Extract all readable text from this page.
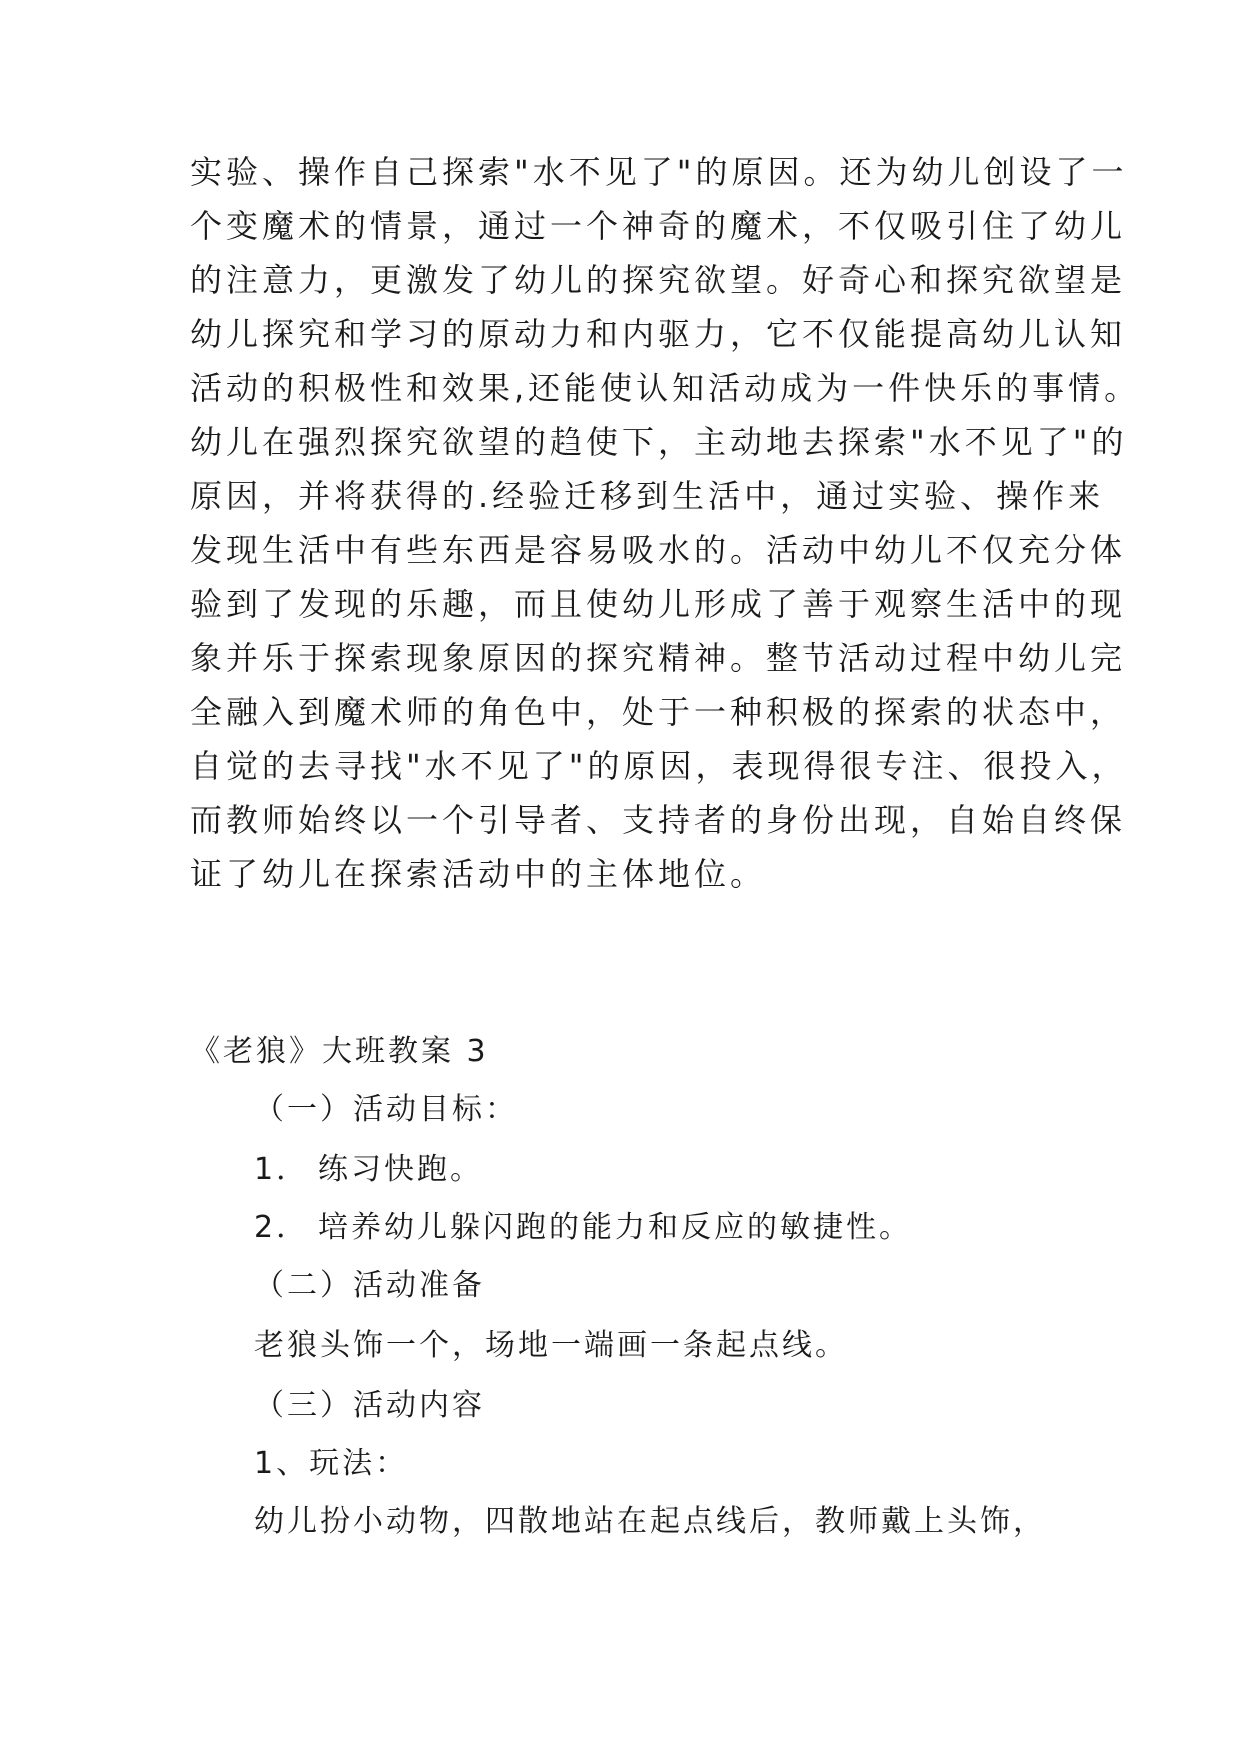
实验、操作自己探索"水不见了"的原因。还为幼儿创设了一
个变魔术的情景，通过一个神奇的魔术，不仅吸引住了幼儿
的注意力，更激发了幼儿的探究欲望。好奇心和探究欲望是
幼儿探究和学习的原动力和内驱力，它不仅能提高幼儿认知
活动的积极性和效果,还能使认知活动成为一件快乐的事情。
幼儿在强烈探究欲望的趋使下，主动地去探索"水不见了"的
原因，并将获得的.经验迁移到生活中，通过实验、操作来
发现生活中有些东西是容易吸水的。活动中幼儿不仅充分体
验到了发现的乐趣，而且使幼儿形成了善于观察生活中的现
象并乐于探索现象原因的探究精神。整节活动过程中幼儿完
全融入到魔术师的角色中，处于一种积极的探索的状态中，
自觉的去寻找"水不见了"的原因，表现得很专注、很投入，
而教师始终以一个引导者、支持者的身份出现，自始自终保
证了幼儿在探索活动中的主体地位。
《老狼》大班教案 3
（一）活动目标：
1． 练习快跑。
2． 培养幼儿躲闪跑的能力和反应的敏捷性。
（二）活动准备
老狼头饰一个，场地一端画一条起点线。
（三）活动内容
1、玩法：
幼儿扮小动物，四散地站在起点线后，教师戴上头饰，
